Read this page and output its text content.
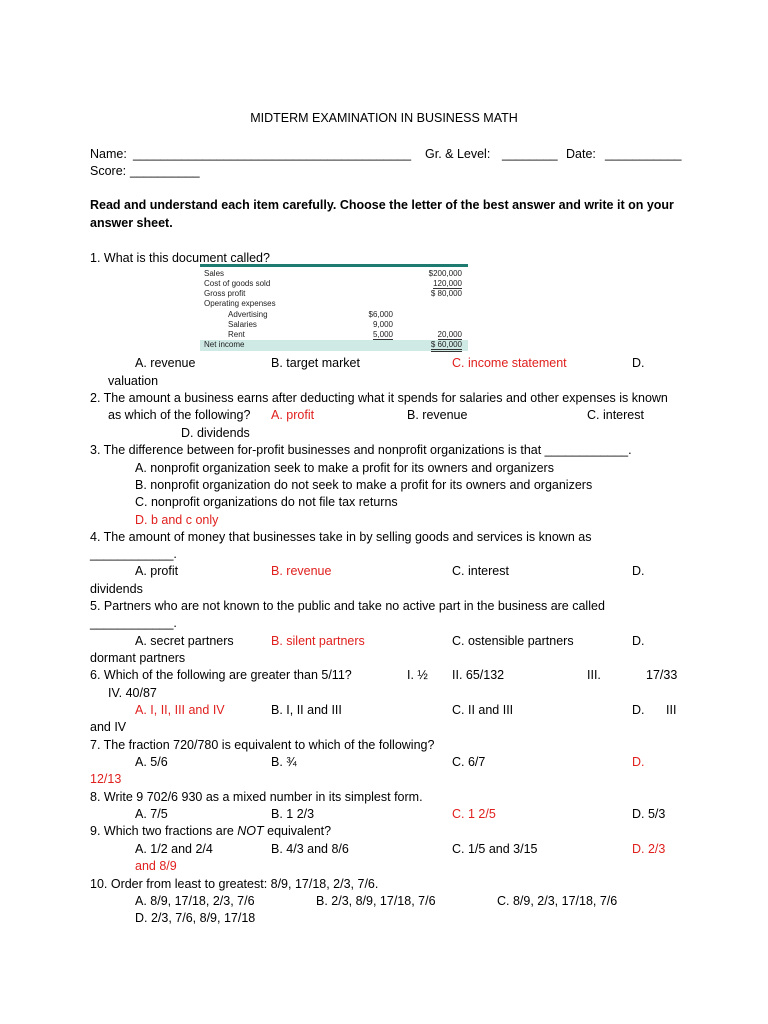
MIDTERM EXAMINATION IN BUSINESS MATH
Name: ________________________________________ Gr. & Level: ________ Date: ___________
Score: __________
Read and understand each item carefully. Choose the letter of the best answer and write it on your
answer sheet.
1. What is this document called?
Sales	$200,000
Cost of goods sold	120,000
Gross profit	$ 80,000
Operating expenses
Advertising	$6,000
Salaries	9,000
Rent	5,000	20,000
Net income	$ 60,000
A. revenue	B. target market	C. income statement	D.
valuation
2. The amount a business earns after deducting what it spends for salaries and other expenses is known
as which of the following? A. profit	B. revenue	C. interest
D. dividends
3. The difference between for-profit businesses and nonprofit organizations is that ____________.
A. nonprofit organization seek to make a profit for its owners and organizers
B. nonprofit organization do not seek to make a profit for its owners and organizers
C. nonprofit organizations do not file tax returns
D. b and c only
4. The amount of money that businesses take in by selling goods and services is known as
____________.
A. profit	B. revenue	C. interest	D.
dividends
5. Partners who are not known to the public and take no active part in the business are called
____________.
A. secret partners	B. silent partners	C. ostensible partners	D.
dormant partners
6. Which of the following are greater than 5/11?	I. ½ II. 65/132	III.	17/33
IV. 40/87
A. I, II, III and IV	B. I, II and III	C. II and III	D. III
and IV
7. The fraction 720/780 is equivalent to which of the following?
A. 5/6	B. ¾	C. 6/7	D.
12/13
8. Write 9 702/6 930 as a mixed number in its simplest form.
A. 7/5	B. 1 2/3	C. 1 2/5	D. 5/3
9. Which two fractions are NOT equivalent?
A. 1/2 and 2/4	B. 4/3 and 8/6	C. 1/5 and 3/15	D. 2/3
and 8/9
10. Order from least to greatest: 8/9, 17/18, 2/3, 7/6.
A. 8/9, 17/18, 2/3, 7/6	B. 2/3, 8/9, 17/18, 7/6	C. 8/9, 2/3, 17/18, 7/6
D. 2/3, 7/6, 8/9, 17/18
